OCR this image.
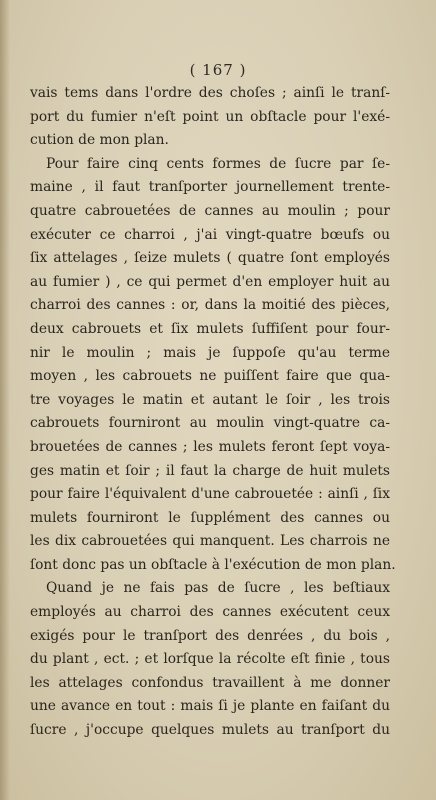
( 167 )
vais tems dans l'ordre des choſes ; ainſi le tranſ-
port du fumier n'eſt point un obſtacle pour l'exé-
cution de mon plan.
Pour faire cinq cents formes de ſucre par ſe-
maine , il faut tranſporter journellement trente-
quatre cabrouetées de cannes au moulin ; pour
exécuter ce charroi , j'ai vingt-quatre bœufs ou
ſix attelages , ſeize mulets ( quatre ſont employés
au fumier ) , ce qui permet d'en employer huit au
charroi des cannes : or, dans la moitié des pièces,
deux cabrouets et ſix mulets ſuffiſent pour four-
nir le moulin ; mais je ſuppoſe qu'au terme
moyen , les cabrouets ne puiſſent faire que qua-
tre voyages le matin et autant le ſoir , les trois
cabrouets fourniront au moulin vingt-quatre ca-
brouetées de cannes ; les mulets feront ſept voya-
ges matin et ſoir ; il faut la charge de huit mulets
pour faire l'équivalent d'une cabrouetée : ainſi , ſix
mulets fourniront le ſupplément des cannes ou
les dix cabrouetées qui manquent. Les charrois ne
ſont donc pas un obſtacle à l'exécution de mon plan.
Quand je ne fais pas de ſucre , les beſtiaux
employés au charroi des cannes exécutent ceux
exigés pour le tranſport des denrées , du bois ,
du plant , ect. ; et lorſque la récolte eſt finie , tous
les attelages confondus travaillent à me donner
une avance en tout : mais ſi je plante en faiſant du
ſucre , j'occupe quelques mulets au tranſport du
